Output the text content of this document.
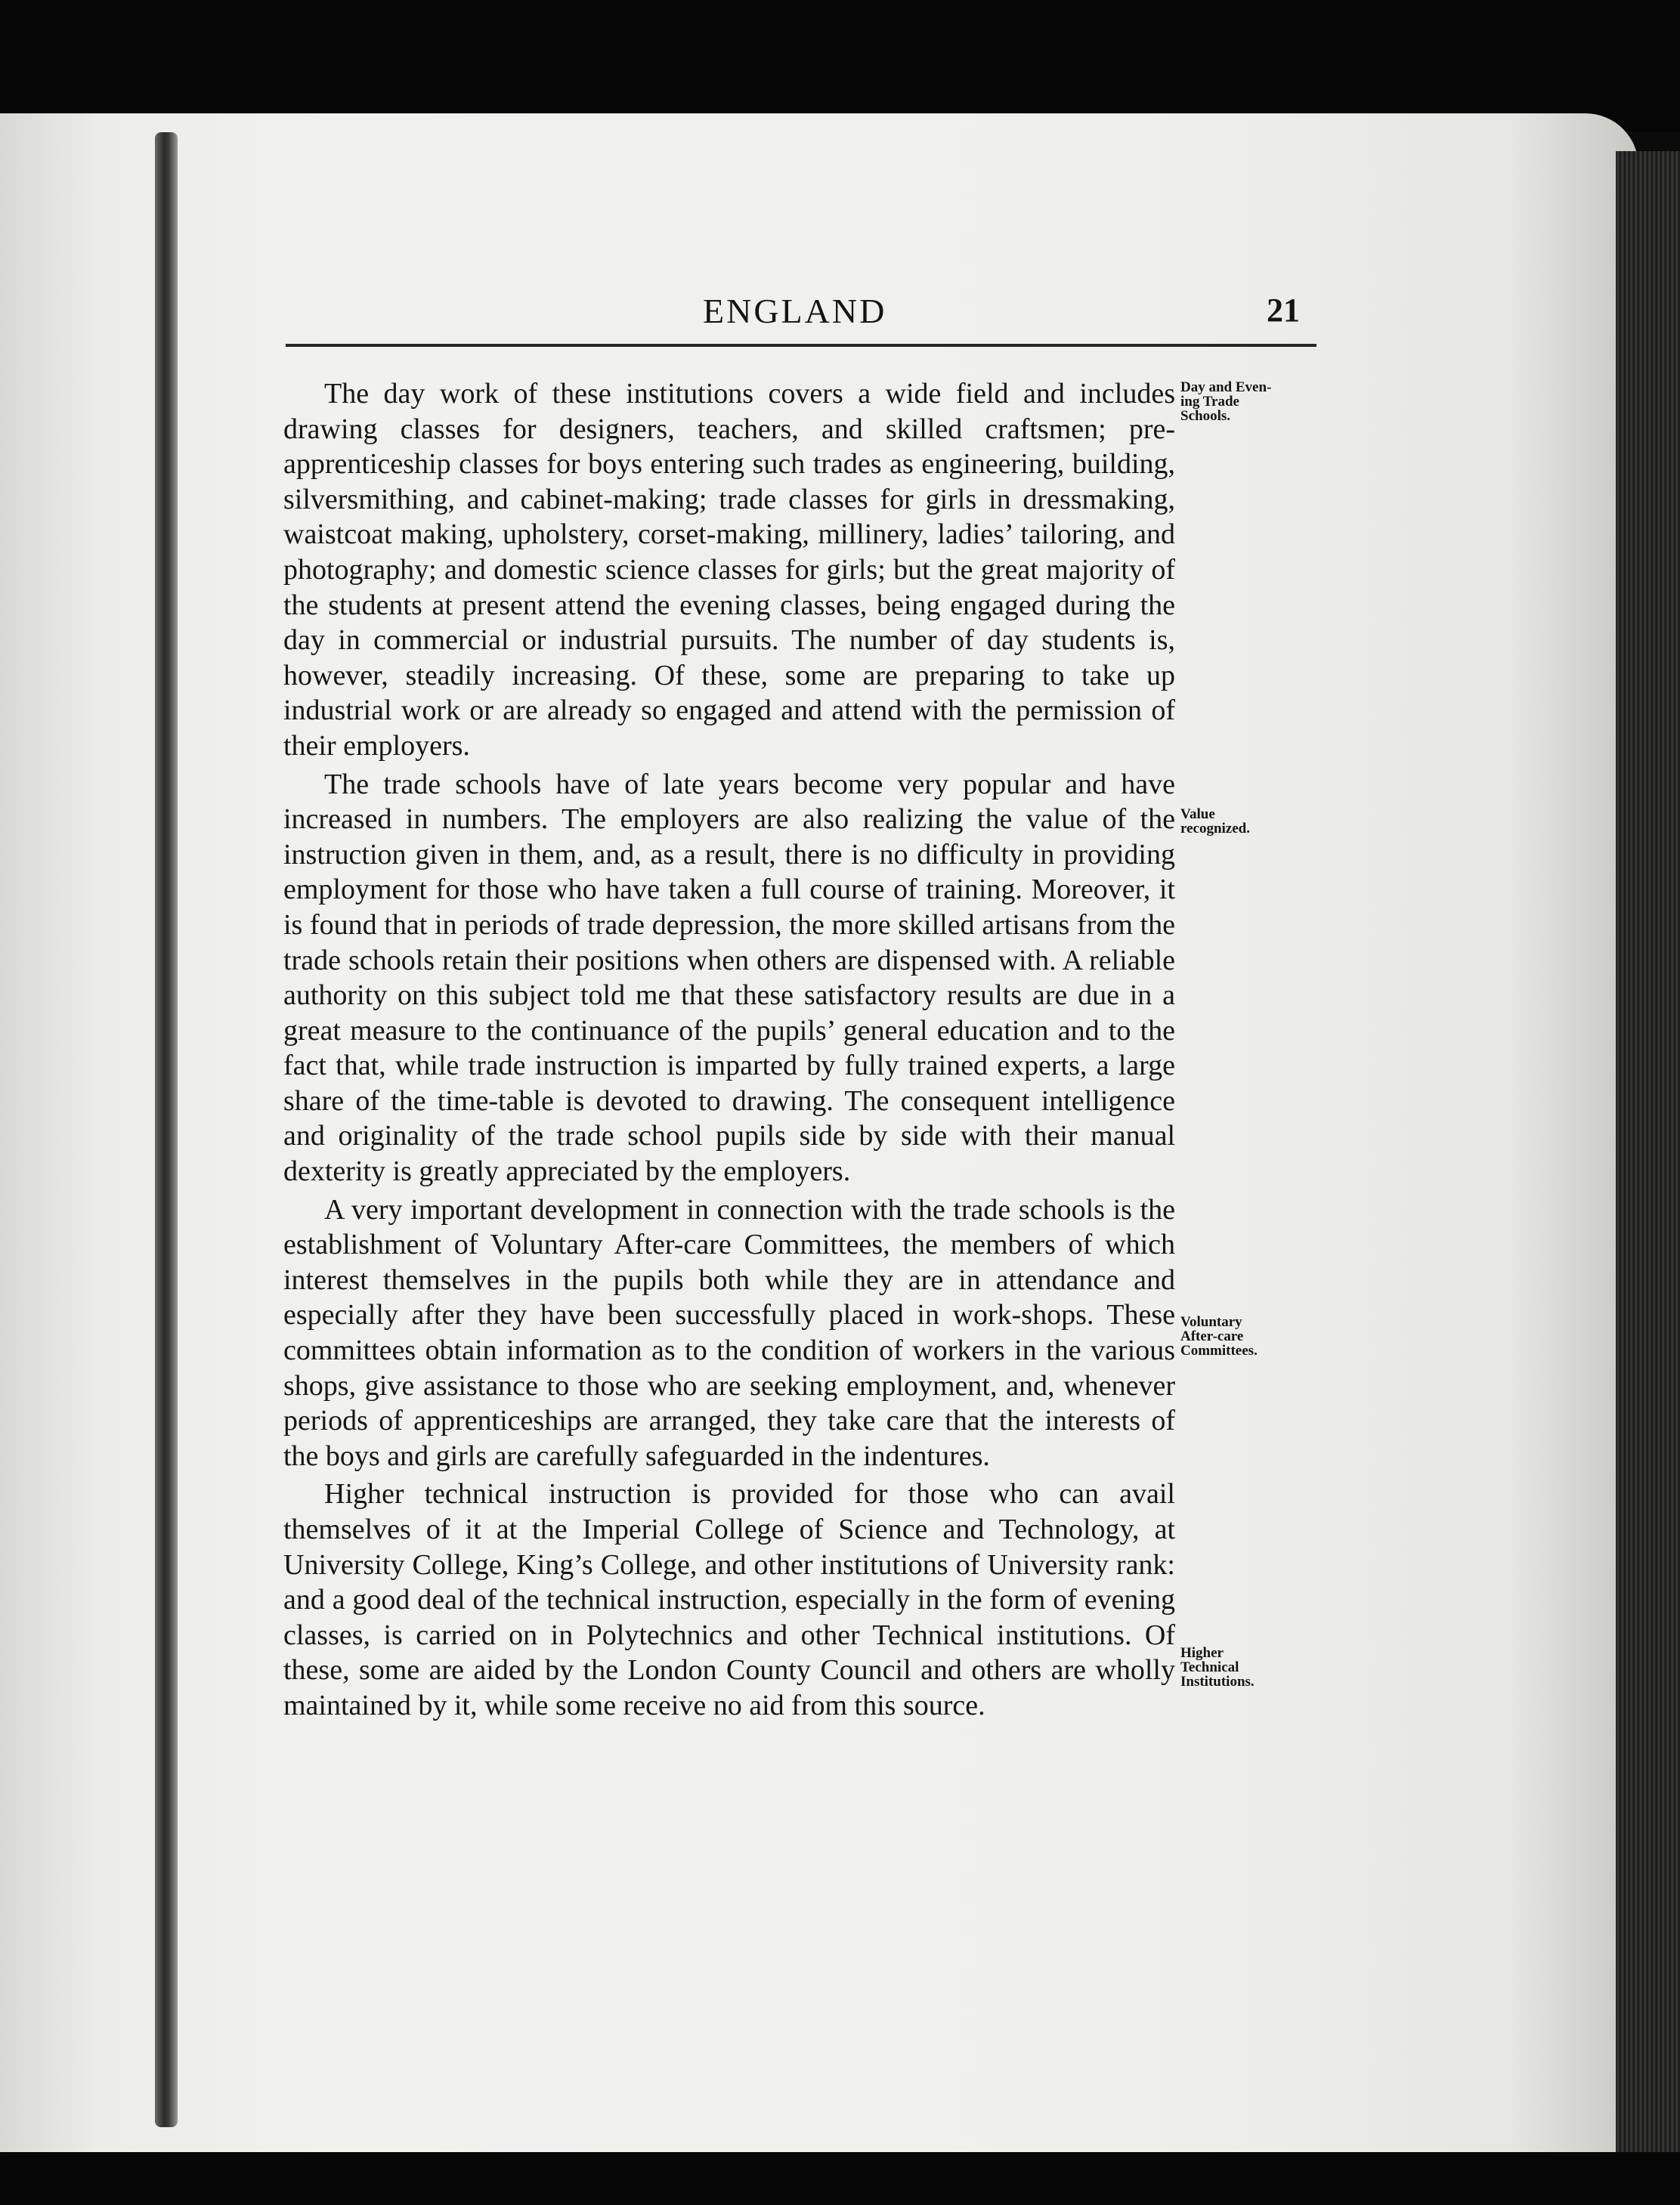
ENGLAND	21

The day work of these institutions covers a wide field and includes drawing classes for designers, teachers, and skilled craftsmen; pre-apprenticeship classes for boys entering such trades as engineering, building, silversmithing, and cabinet-making; trade classes for girls in dressmaking, waistcoat making, upholstery, corset-making, millinery, ladies’ tailoring, and photography; and domestic science classes for girls; but the great majority of the students at present attend the evening classes, being engaged during the day in commercial or industrial pursuits. The number of day students is, however, steadily increasing. Of these, some are preparing to take up industrial work or are already so engaged and attend with the permission of their employers.

The trade schools have of late years become very popular and have increased in numbers. The employers are also realizing the value of the instruction given in them, and, as a result, there is no difficulty in providing employment for those who have taken a full course of training. Moreover, it is found that in periods of trade depression, the more skilled artisans from the trade schools retain their positions when others are dispensed with. A reliable authority on this subject told me that these satisfactory results are due in a great measure to the continuance of the pupils’ general education and to the fact that, while trade instruction is imparted by fully trained experts, a large share of the time-table is devoted to drawing. The consequent intelligence and originality of the trade school pupils side by side with their manual dexterity is greatly appreciated by the employers.

A very important development in connection with the trade schools is the establishment of Voluntary After-care Committees, the members of which interest themselves in the pupils both while they are in attendance and especially after they have been successfully placed in work-shops. These committees obtain information as to the condition of workers in the various shops, give assistance to those who are seeking employment, and, whenever periods of apprenticeships are arranged, they take care that the interests of the boys and girls are carefully safeguarded in the indentures.

Higher technical instruction is provided for those who can avail themselves of it at the Imperial College of Science and Technology, at University College, King’s College, and other institutions of University rank: and a good deal of the technical instruction, especially in the form of evening classes, is carried on in Polytechnics and other Technical institutions. Of these, some are aided by the London County Council and others are wholly maintained by it, while some receive no aid from this source.

Day and Even-
ing Trade
Schools.
Value
recognized.
Voluntary
After-care
Committees.
Higher
Technical
Institutions.
